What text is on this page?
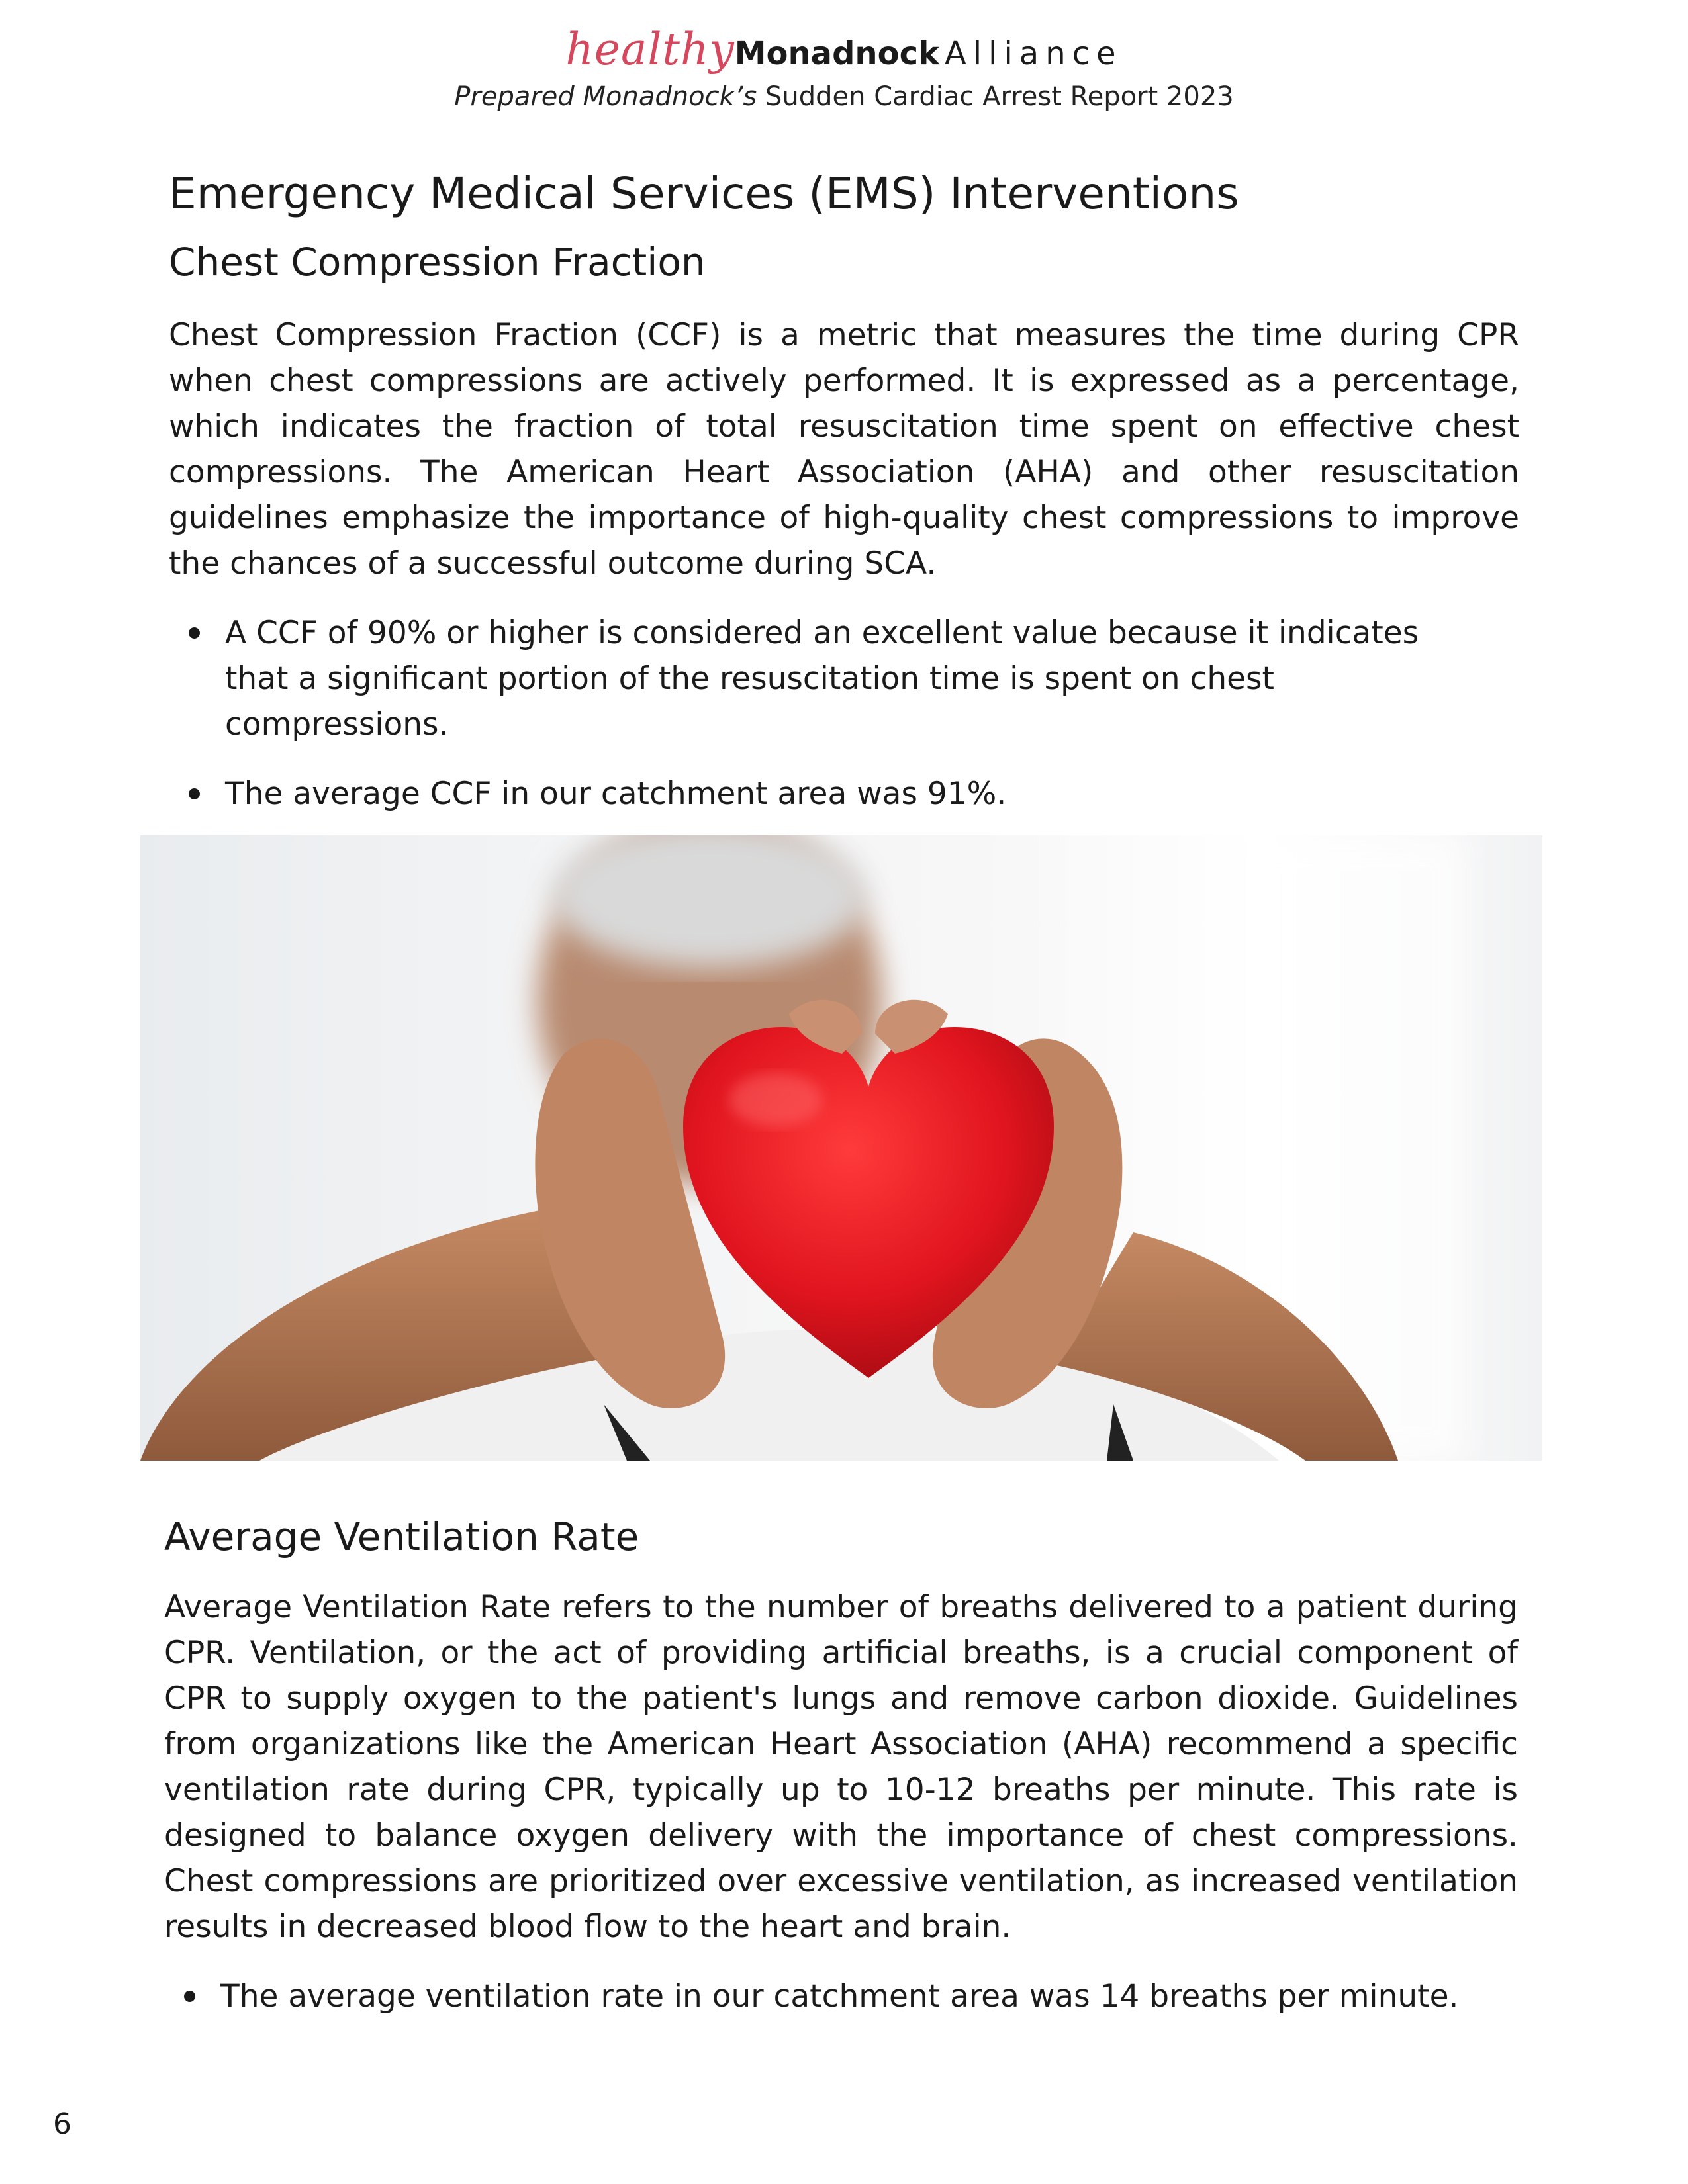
healthyMonadnock Alliance
Prepared Monadnock’s Sudden Cardiac Arrest Report 2023
Emergency Medical Services (EMS) Interventions
Chest Compression Fraction

Chest Compression Fraction (CCF) is a metric that measures the time during CPR when chest compressions are actively performed. It is expressed as a percentage, which indicates the fraction of total resuscitation time spent on effective chest compressions. The American Heart Association (AHA) and other resuscitation guidelines emphasize the importance of high-quality chest compressions to improve the chances of a successful outcome during SCA.

A CCF of 90% or higher is considered an excellent value because it indicates that a significant portion of the resuscitation time is spent on chest compressions.
The average CCF in our catchment area was 91%.
Average Ventilation Rate

Average Ventilation Rate refers to the number of breaths delivered to a patient during CPR. Ventilation, or the act of providing artificial breaths, is a crucial component of CPR to supply oxygen to the patient's lungs and remove carbon dioxide. Guidelines from organizations like the American Heart Association (AHA) recommend a specific ventilation rate during CPR, typically up to 10-12 breaths per minute. This rate is designed to balance oxygen delivery with the importance of chest compressions. Chest compressions are prioritized over excessive ventilation, as increased ventilation results in decreased blood flow to the heart and brain.

The average ventilation rate in our catchment area was 14 breaths per minute.
6
